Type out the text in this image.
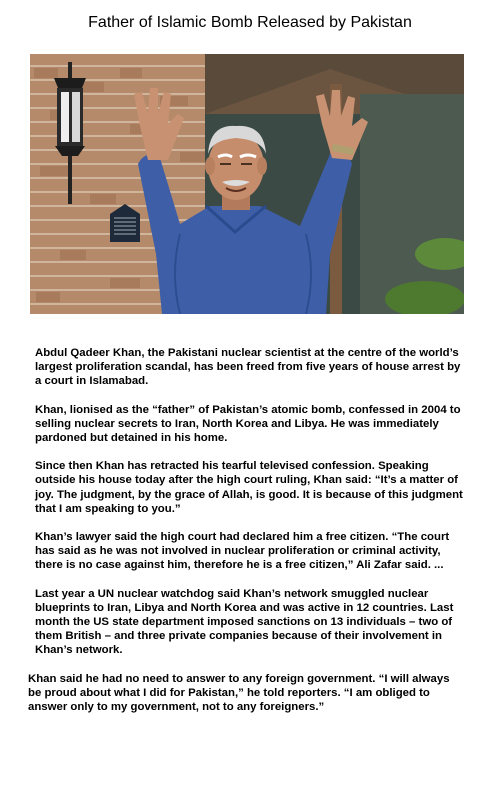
Father of Islamic Bomb Released by Pakistan

Abdul Qadeer Khan, the Pakistani nuclear scientist at the centre of the world’s largest proliferation scandal, has been freed from five years of house arrest by a court in Islamabad.

Khan, lionised as the “father” of Pakistan’s atomic bomb, confessed in 2004 to selling nuclear secrets to Iran, North Korea and Libya. He was immediately pardoned but detained in his home.

Since then Khan has retracted his tearful televised confession. Speaking outside his house today after the high court ruling, Khan said: “It’s a matter of joy. The judgment, by the grace of Allah, is good. It is because of this judgment that I am speaking to you.”

Khan’s lawyer said the high court had declared him a free citizen. “The court has said as he was not involved in nuclear proliferation or criminal activity, there is no case against him, therefore he is a free citizen,” Ali Zafar said. ...

Last year a UN nuclear watchdog said Khan’s network smuggled nuclear blueprints to Iran, Libya and North Korea and was active in 12 countries. Last month the US state department imposed sanctions on 13 individuals – two of them British – and three private companies because of their involvement in Khan’s network.

Khan said he had no need to answer to any foreign government. “I will always be proud about what I did for Pakistan,” he told reporters. “I am obliged to answer only to my government, not to any foreigners.”
